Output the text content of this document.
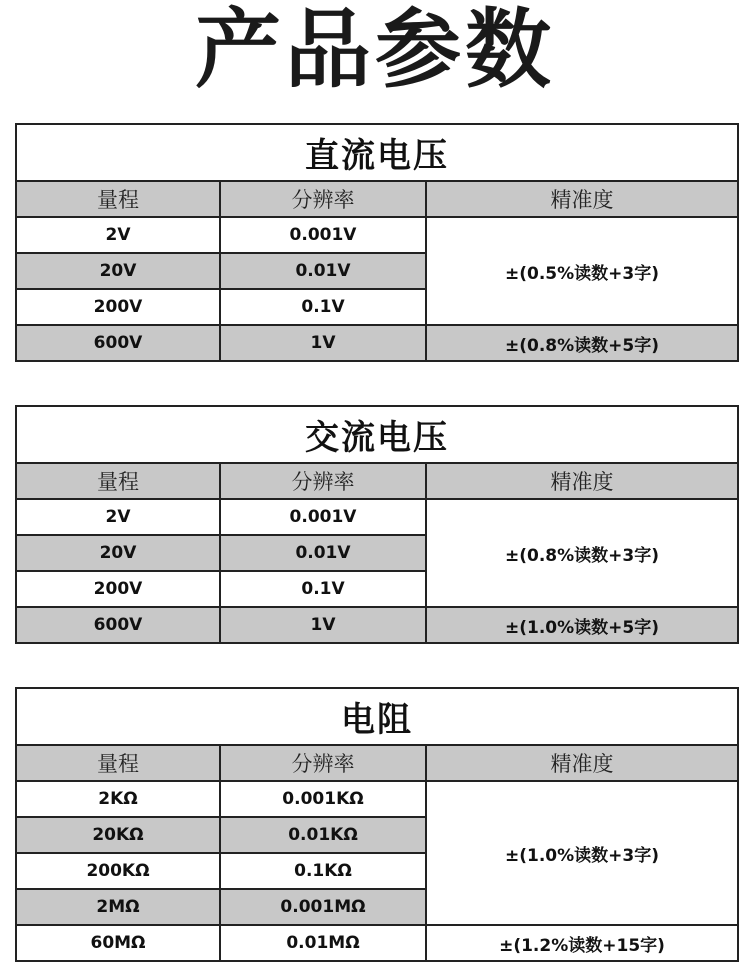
产品参数
直流电压		
量程	分辨率	精准度
2V	0.001V	±(0.5%读数+3字)
20V	0.01V	
200V	0.1V	
600V	1V	±(0.8%读数+5字)
交流电压		
量程	分辨率	精准度
2V	0.001V	±(0.8%读数+3字)
20V	0.01V	
200V	0.1V	
600V	1V	±(1.0%读数+5字)
电阻		
量程	分辨率	精准度
2KΩ	0.001KΩ	±(1.0%读数+3字)
20KΩ	0.01KΩ	
200KΩ	0.1KΩ	
2MΩ	0.001MΩ	
60MΩ	0.01MΩ	±(1.2%读数+15字)
